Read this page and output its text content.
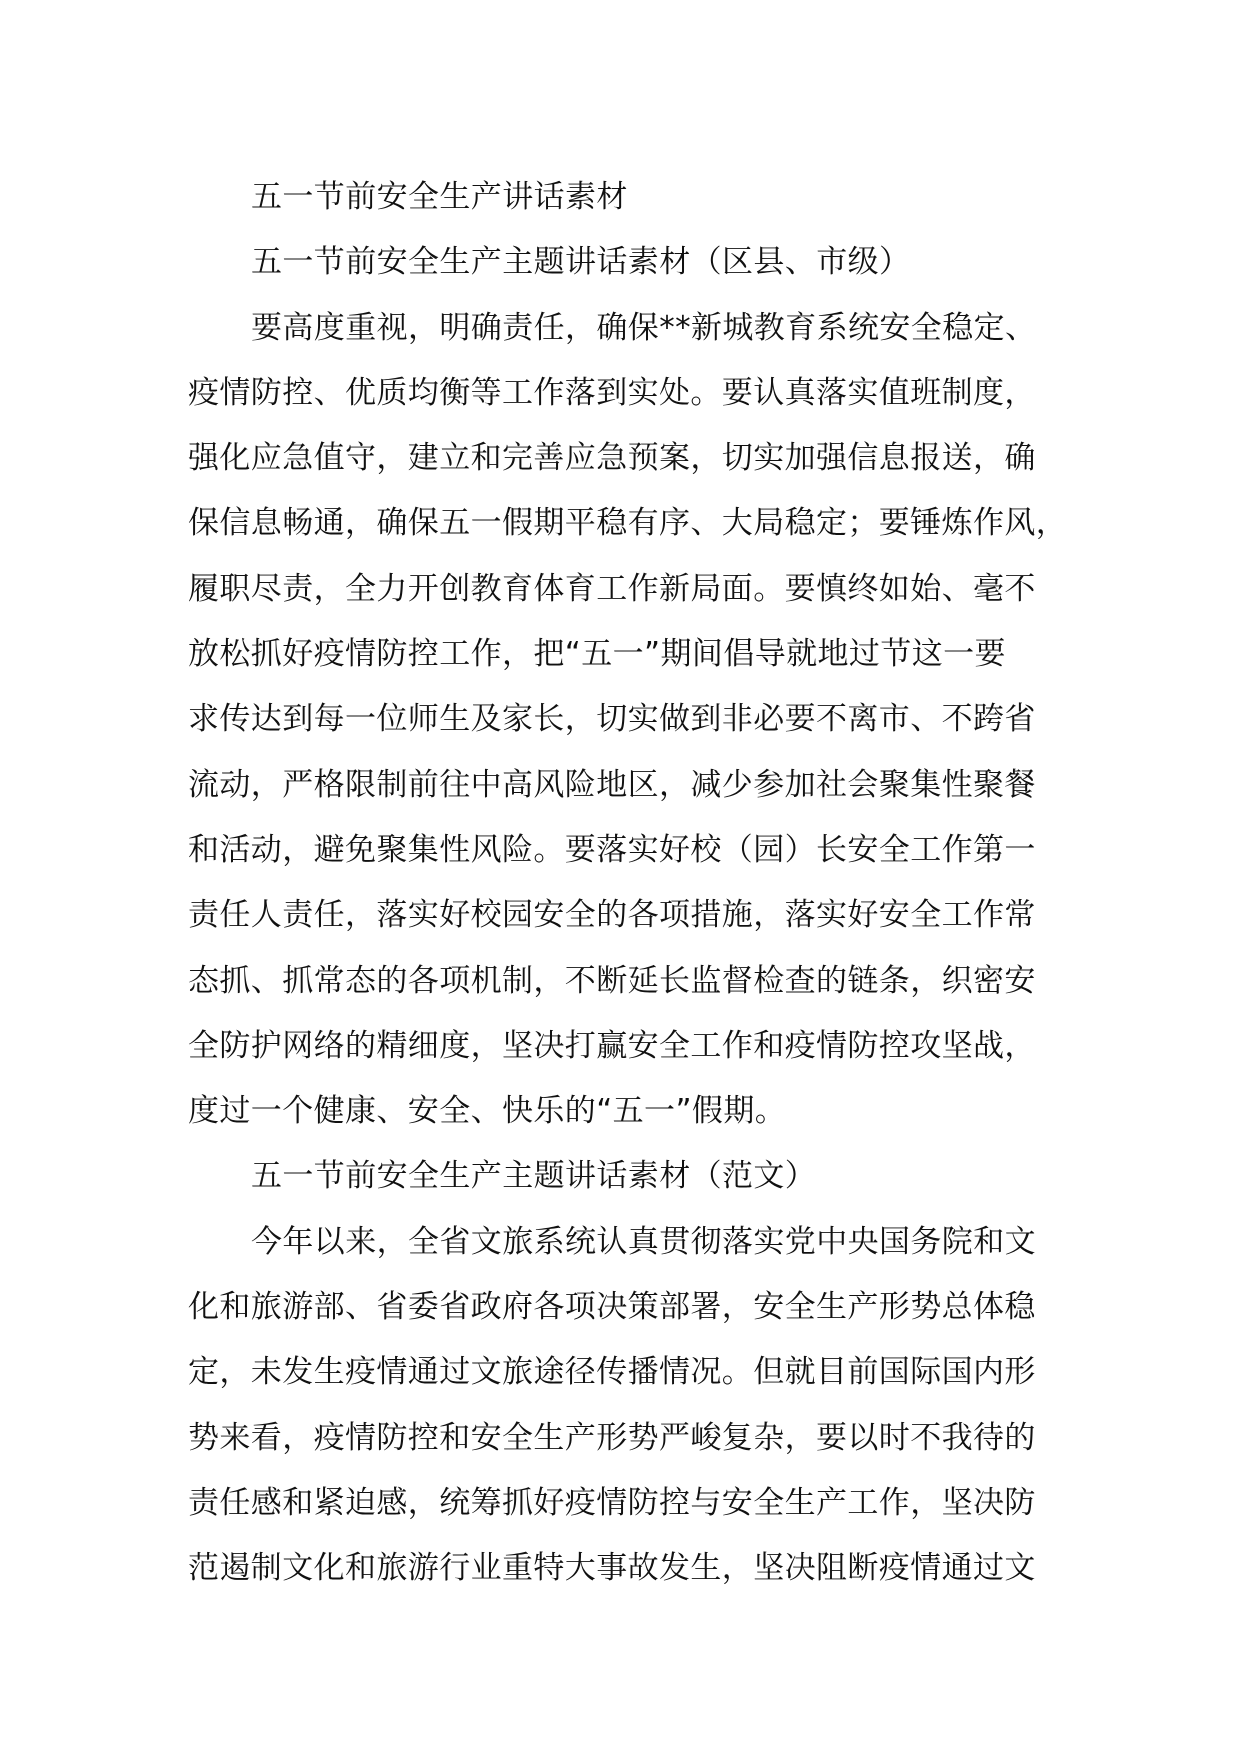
五一节前安全生产讲话素材
五一节前安全生产主题讲话素材（区县、市级）
要高度重视，明确责任，确保**新城教育系统安全稳定、
疫情防控、优质均衡等工作落到实处。要认真落实值班制度，
强化应急值守，建立和完善应急预案，切实加强信息报送，确
保信息畅通，确保五一假期平稳有序、大局稳定；要锤炼作风，
履职尽责，全力开创教育体育工作新局面。要慎终如始、毫不
放松抓好疫情防控工作，把“五一”期间倡导就地过节这一要
求传达到每一位师生及家长，切实做到非必要不离市、不跨省
流动，严格限制前往中高风险地区，减少参加社会聚集性聚餐
和活动，避免聚集性风险。要落实好校（园）长安全工作第一
责任人责任，落实好校园安全的各项措施，落实好安全工作常
态抓、抓常态的各项机制，不断延长监督检查的链条，织密安
全防护网络的精细度，坚决打赢安全工作和疫情防控攻坚战，
度过一个健康、安全、快乐的“五一”假期。
五一节前安全生产主题讲话素材（范文）
今年以来，全省文旅系统认真贯彻落实党中央国务院和文
化和旅游部、省委省政府各项决策部署，安全生产形势总体稳
定，未发生疫情通过文旅途径传播情况。但就目前国际国内形
势来看，疫情防控和安全生产形势严峻复杂，要以时不我待的
责任感和紧迫感，统筹抓好疫情防控与安全生产工作，坚决防
范遏制文化和旅游行业重特大事故发生，坚决阻断疫情通过文
